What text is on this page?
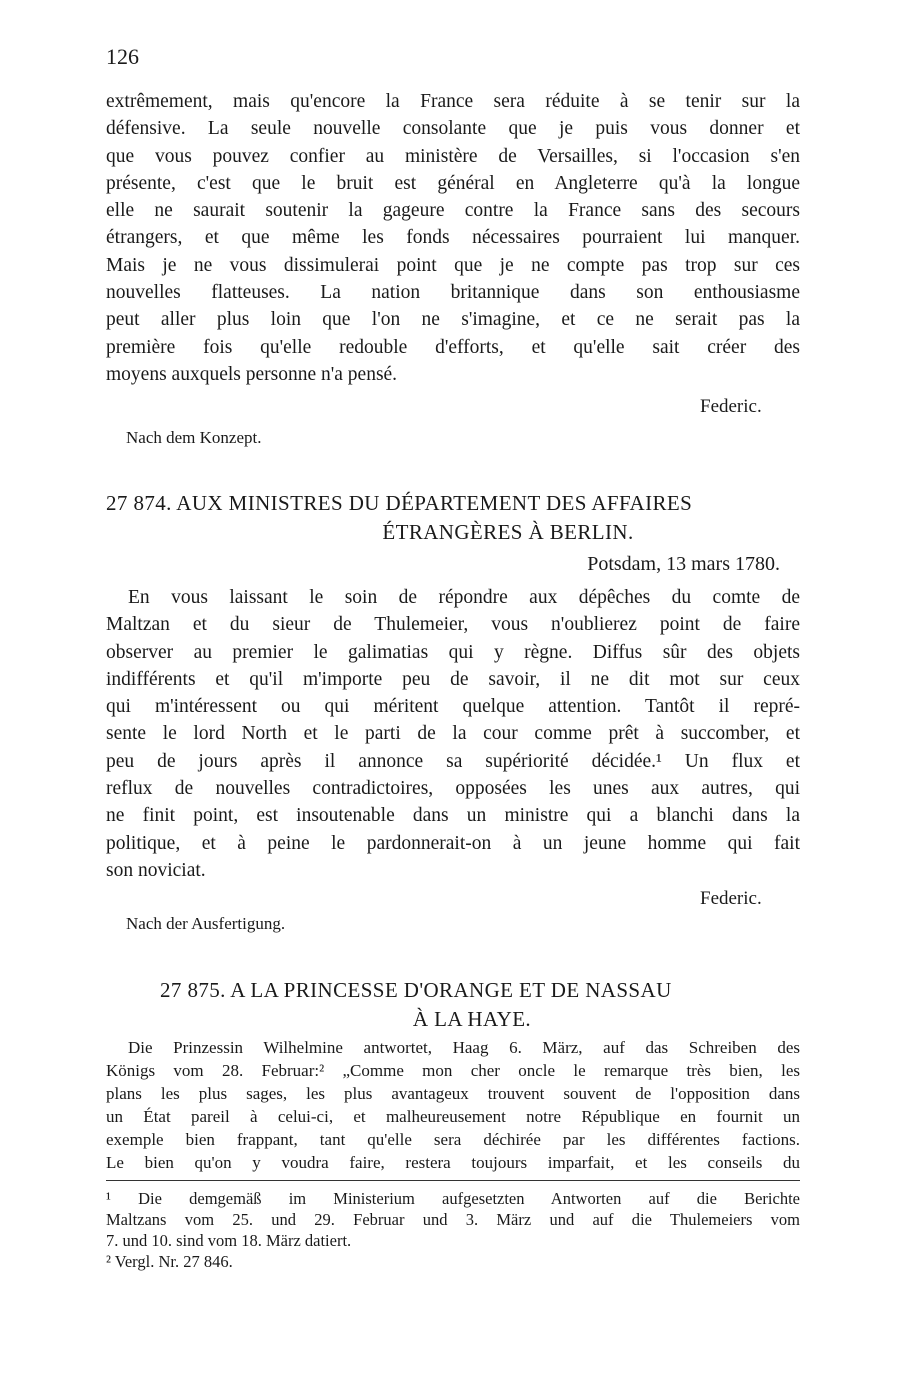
126
extrêmement, mais qu'encore la France sera réduite à se tenir sur la
défensive. La seule nouvelle consolante que je puis vous donner et
que vous pouvez confier au ministère de Versailles, si l'occasion s'en
présente, c'est que le bruit est général en Angleterre qu'à la longue
elle ne saurait soutenir la gageure contre la France sans des secours
étrangers, et que même les fonds nécessaires pourraient lui manquer.
Mais je ne vous dissimulerai point que je ne compte pas trop sur ces
nouvelles flatteuses. La nation britannique dans son enthousiasme
peut aller plus loin que l'on ne s'imagine, et ce ne serait pas la
première fois qu'elle redouble d'efforts, et qu'elle sait créer des
moyens auxquels personne n'a pensé.
Federic.
Nach dem Konzept.
27 874. AUX MINISTRES DU DÉPARTEMENT DES AFFAIRES
ÉTRANGÈRES À BERLIN.
Potsdam, 13 mars 1780.
En vous laissant le soin de répondre aux dépêches du comte de
Maltzan et du sieur de Thulemeier, vous n'oublierez point de faire
observer au premier le galimatias qui y règne. Diffus sûr des objets
indifférents et qu'il m'importe peu de savoir, il ne dit mot sur ceux
qui m'intéressent ou qui méritent quelque attention. Tantôt il repré-
sente le lord North et le parti de la cour comme prêt à succomber, et
peu de jours après il annonce sa supériorité décidée.¹ Un flux et
reflux de nouvelles contradictoires, opposées les unes aux autres, qui
ne finit point, est insoutenable dans un ministre qui a blanchi dans la
politique, et à peine le pardonnerait-on à un jeune homme qui fait
son noviciat.
Federic.
Nach der Ausfertigung.
27 875. A LA PRINCESSE D'ORANGE ET DE NASSAU
À LA HAYE.
Die Prinzessin Wilhelmine antwortet, Haag 6. März, auf das Schreiben des
Königs vom 28. Februar:² „Comme mon cher oncle le remarque très bien, les
plans les plus sages, les plus avantageux trouvent souvent de l'opposition dans
un État pareil à celui-ci, et malheureusement notre République en fournit un
exemple bien frappant, tant qu'elle sera déchirée par les différentes factions.
Le bien qu'on y voudra faire, restera toujours imparfait, et les conseils du
¹ Die demgemäß im Ministerium aufgesetzten Antworten auf die Berichte
Maltzans vom 25. und 29. Februar und 3. März und auf die Thulemeiers vom
7. und 10. sind vom 18. März datiert.
² Vergl. Nr. 27 846.
